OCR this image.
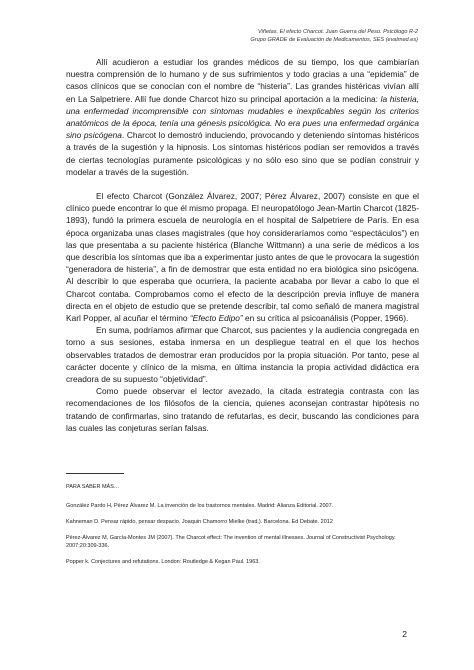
Viñetas. El efecto Charcot. Juan Guerra del Peso. Psicólogo R-2
Grupo GRADE de Evaluación de Medicamentos, SES (evalmed.es)

Allí acudieron a estudiar los grandes médicos de su tiempo, los que cambiarían nuestra comprensión de lo humano y de sus sufrimientos y todo gracias a una “epidemia” de casos clínicos que se conocían con el nombre de “histeria”. Las grandes histéricas vivían allí en La Salpetriere. Allí fue donde Charcot hizo su principal aportación a la medicina: la histeria, una enfermedad incomprensible con síntomas mudables e inexplicables según los criterios anatómicos de la época, tenía una génesis psicológica. No era pues una enfermedad orgánica sino psicógena. Charcot lo demostró induciendo, provocando y deteniendo síntomas histéricos a través de la sugestión y la hipnosis. Los síntomas histéricos podían ser removidos a través de ciertas tecnologías puramente psicológicas y no sólo eso sino que se podían construir y modelar a través de la sugestión.

El efecto Charcot (González Álvarez, 2007; Pérez Álvarez, 2007) consiste en que el clínico puede encontrar lo que él mismo propaga. El neuropatólogo Jean-Martin Charcot (1825-1893), fundó la primera escuela de neurología en el hospital de Salpetriere de París. En esa época organizaba unas clases magistrales (que hoy consideraríamos como “espectáculos”) en las que presentaba a su paciente histérica (Blanche Wittmann) a una serie de médicos a los que describía los síntomas que iba a experimentar justo antes de que le provocara la sugestión “generadora de histeria”, a fin de demostrar que esta entidad no era biológica sino psicógena. Al describir lo que esperaba que ocurriera, la paciente acababa por llevar a cabo lo que el Charcot contaba. Comprobamos como el efecto de la descripción previa influye de manera directa en el objeto de estudio que se pretende describir, tal como señaló de manera magistral Karl Popper, al acuñar el término “Efecto Edipo” en su crítica al psicoanálisis (Popper, 1966).

En suma, podríamos afirmar que Charcot, sus pacientes y la audiencia congregada en torno a sus sesiones, estaba inmersa en un despliegue teatral en el que los hechos observables tratados de demostrar eran producidos por la propia situación. Por tanto, pese al carácter docente y clínico de la misma, en última instancia la propia actividad didáctica era creadora de su supuesto “objetividad”.

Como puede observar el lector avezado, la citada estrategia contrasta con las recomendaciones de los filósofos de la ciencia, quienes aconsejan contrastar hipótesis no tratando de confirmarlas, sino tratando de refutarlas, es decir, buscando las condiciones para las cuales las conjeturas serían falsas.

PARA SABER MÁS…

González Pardo H, Pérez Álvarez M. La invención de los trastornos mentales. Madrid: Alianza Editorial. 2007.

Kahneman D. Pensar rápido, pensar despacio. Joaquin Chamorro Mielke (trad.). Barcelona. Ed Debate. 2012

Pérez-Álvarez M, García-Montes JM (2007). The Charcot effect: The invention of mental illnesses. Journal of Constructivist Psychology. 2007;20:309-336.

Popper k. Conjectures and refutations. London: Routledge & Kegan Paul. 1963.

2
